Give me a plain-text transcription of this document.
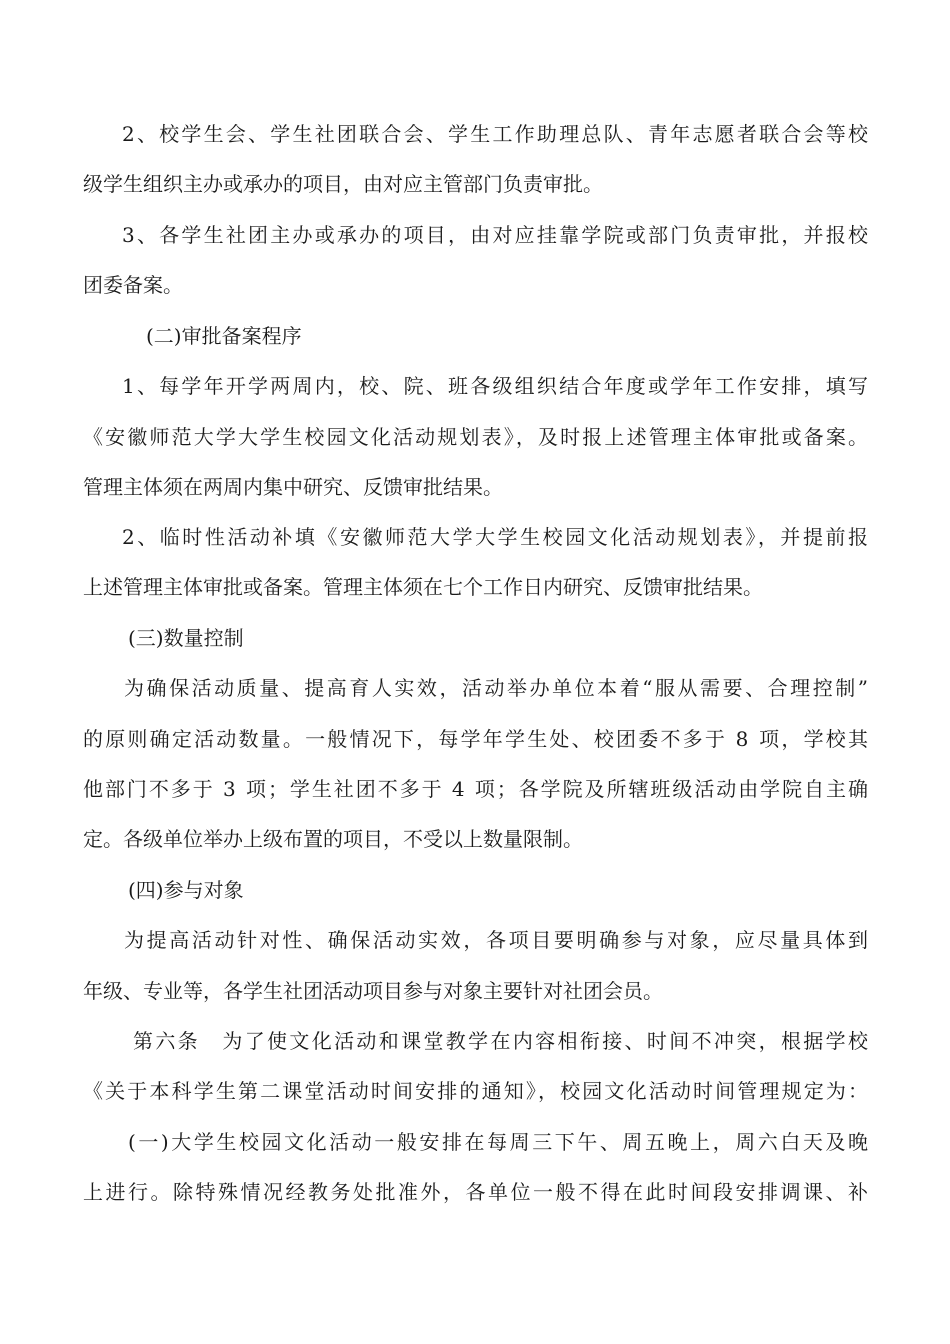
2、校学生会、学生社团联合会、学生工作助理总队、青年志愿者联合会等校
级学生组织主办或承办的项目，由对应主管部门负责审批。
3、各学生社团主办或承办的项目，由对应挂靠学院或部门负责审批，并报校
团委备案。
(二)审批备案程序
1、每学年开学两周内，校、院、班各级组织结合年度或学年工作安排，填写
《安徽师范大学大学生校园文化活动规划表》，及时报上述管理主体审批或备案。
管理主体须在两周内集中研究、反馈审批结果。
2、临时性活动补填《安徽师范大学大学生校园文化活动规划表》，并提前报
上述管理主体审批或备案。管理主体须在七个工作日内研究、反馈审批结果。
(三)数量控制
为确保活动质量、提高育人实效，活动举办单位本着“服从需要、合理控制”
的原则确定活动数量。一般情况下，每学年学生处、校团委不多于 8 项，学校其
他部门不多于 3 项；学生社团不多于 4 项；各学院及所辖班级活动由学院自主确
定。各级单位举办上级布置的项目，不受以上数量限制。
(四)参与对象
为提高活动针对性、确保活动实效，各项目要明确参与对象，应尽量具体到
年级、专业等，各学生社团活动项目参与对象主要针对社团会员。
第六条　为了使文化活动和课堂教学在内容相衔接、时间不冲突，根据学校
《关于本科学生第二课堂活动时间安排的通知》，校园文化活动时间管理规定为：
(一)大学生校园文化活动一般安排在每周三下午、周五晚上，周六白天及晚
上进行。除特殊情况经教务处批准外，各单位一般不得在此时间段安排调课、补
